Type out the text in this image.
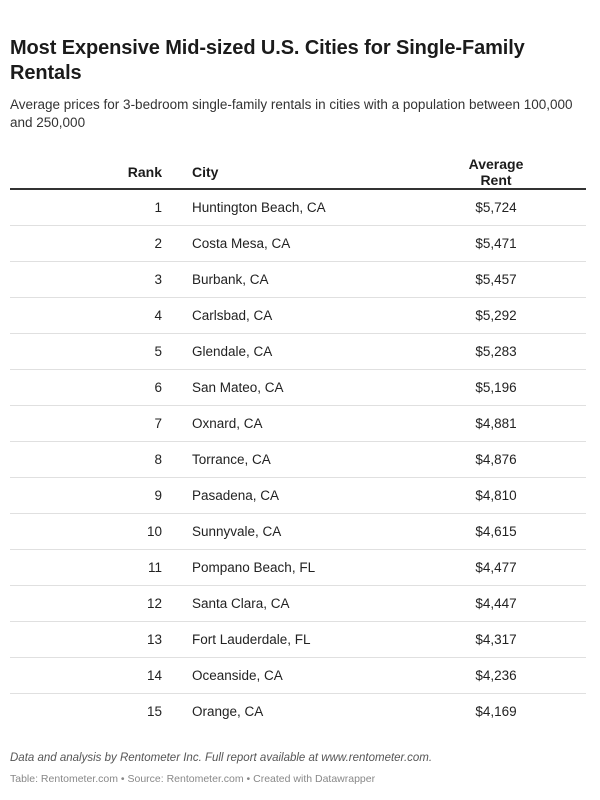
Most Expensive Mid-sized U.S. Cities for Single-Family Rentals
Average prices for 3-bedroom single-family rentals in cities with a population between 100,000 and 250,000
Rank		City	Average Rent
1		Huntington Beach, CA	$5,724
2		Costa Mesa, CA	$5,471
3		Burbank, CA	$5,457
4		Carlsbad, CA	$5,292
5		Glendale, CA	$5,283
6		San Mateo, CA	$5,196
7		Oxnard, CA	$4,881
8		Torrance, CA	$4,876
9		Pasadena, CA	$4,810
10		Sunnyvale, CA	$4,615
11		Pompano Beach, FL	$4,477
12		Santa Clara, CA	$4,447
13		Fort Lauderdale, FL	$4,317
14		Oceanside, CA	$4,236
15		Orange, CA	$4,169
Data and analysis by Rentometer Inc. Full report available at www.rentometer.com.
Table: Rentometer.com • Source: Rentometer.com • Created with Datawrapper
